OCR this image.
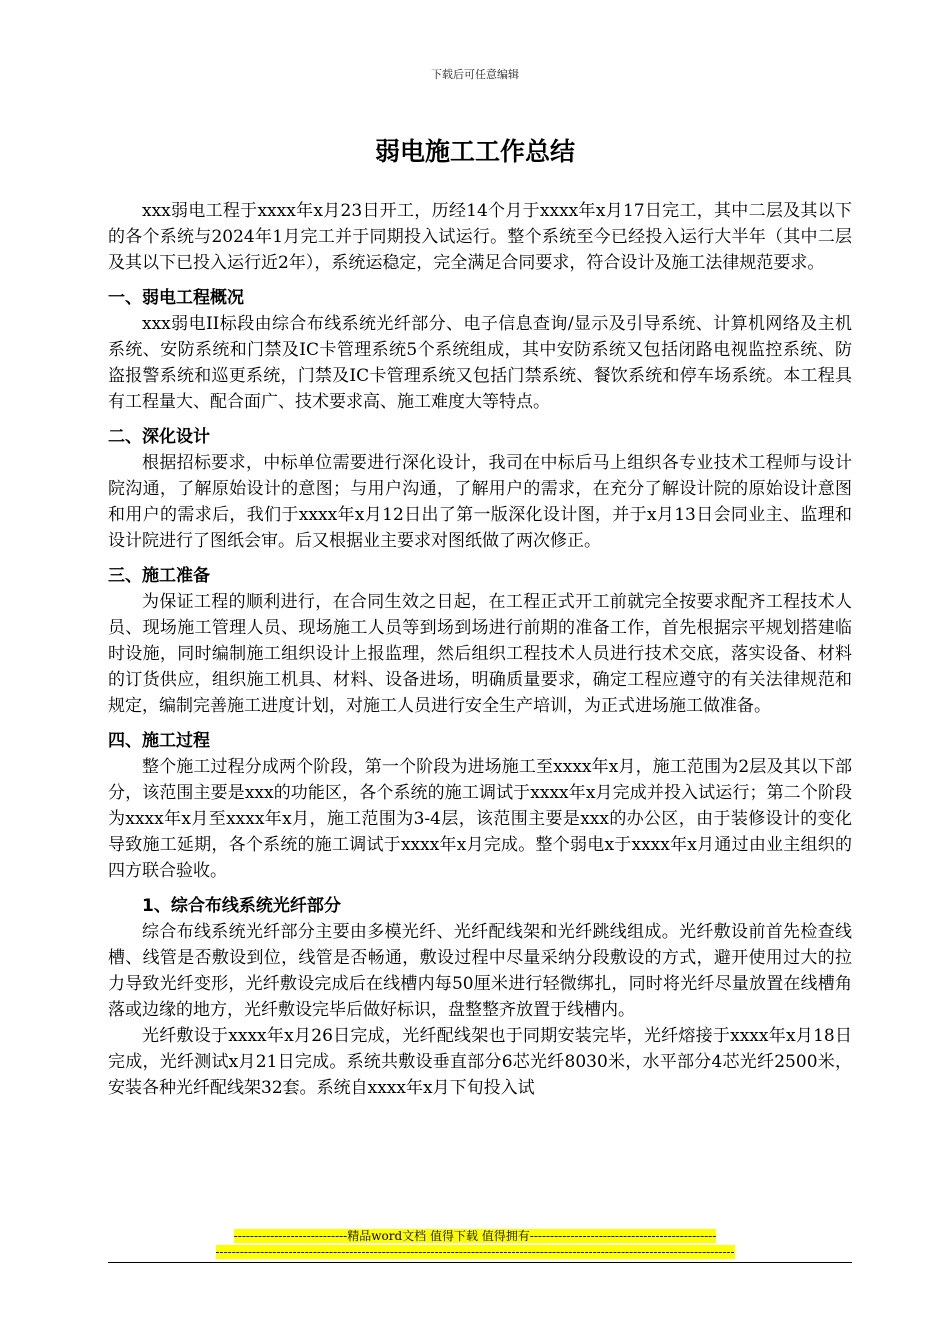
下载后可任意编辑
弱电施工工作总结

xxx弱电工程于xxxx年x月23日开工，历经14个月于xxxx年x月17日完工，其中二层及其以下的各个系统与2024年1月完工并于同期投入试运行。整个系统至今已经投入运行大半年（其中二层及其以下已投入运行近2年），系统运稳定，完全满足合同要求，符合设计及施工法律规范要求。

一、弱电工程概况

xxx弱电II标段由综合布线系统光纤部分、电子信息查询/显示及引导系统、计算机网络及主机系统、安防系统和门禁及IC卡管理系统5个系统组成，其中安防系统又包括闭路电视监控系统、防盗报警系统和巡更系统，门禁及IC卡管理系统又包括门禁系统、餐饮系统和停车场系统。本工程具有工程量大、配合面广、技术要求高、施工难度大等特点。

二、深化设计

根据招标要求，中标单位需要进行深化设计，我司在中标后马上组织各专业技术工程师与设计院沟通，了解原始设计的意图；与用户沟通，了解用户的需求，在充分了解设计院的原始设计意图和用户的需求后，我们于xxxx年x月12日出了第一版深化设计图，并于x月13日会同业主、监理和设计院进行了图纸会审。后又根据业主要求对图纸做了两次修正。

三、施工准备

为保证工程的顺利进行，在合同生效之日起，在工程正式开工前就完全按要求配齐工程技术人员、现场施工管理人员、现场施工人员等到场到场进行前期的准备工作，首先根据宗平规划搭建临时设施，同时编制施工组织设计上报监理，然后组织工程技术人员进行技术交底，落实设备、材料的订货供应，组织施工机具、材料、设备进场，明确质量要求，确定工程应遵守的有关法律规范和规定，编制完善施工进度计划，对施工人员进行安全生产培训，为正式进场施工做准备。

四、施工过程

整个施工过程分成两个阶段，第一个阶段为进场施工至xxxx年x月，施工范围为2层及其以下部分，该范围主要是xxx的功能区，各个系统的施工调试于xxxx年x月完成并投入试运行；第二个阶段为xxxx年x月至xxxx年x月，施工范围为3-4层，该范围主要是xxx的办公区，由于装修设计的变化导致施工延期，各个系统的施工调试于xxxx年x月完成。整个弱电x于xxxx年x月通过由业主组织的四方联合验收。

1、综合布线系统光纤部分

综合布线系统光纤部分主要由多模光纤、光纤配线架和光纤跳线组成。光纤敷设前首先检查线槽、线管是否敷设到位，线管是否畅通，敷设过程中尽量采纳分段敷设的方式，避开使用过大的拉力导致光纤变形，光纤敷设完成后在线槽内每50厘米进行轻微绑扎，同时将光纤尽量放置在线槽角落或边缘的地方，光纤敷设完毕后做好标识，盘整整齐放置于线槽内。

光纤敷设于xxxx年x月26日完成，光纤配线架也于同期安装完毕，光纤熔接于xxxx年x月18日完成，光纤测试x月21日完成。系统共敷设垂直部分6芯光纤8030米，水平部分4芯光纤2500米，安装各种光纤配线架32套。系统自xxxx年x月下旬投入试

----------------------------精品word文档 值得下载 值得拥有----------------------------------------------
--------------------------------------------------------------------------------------------------------------------------------
